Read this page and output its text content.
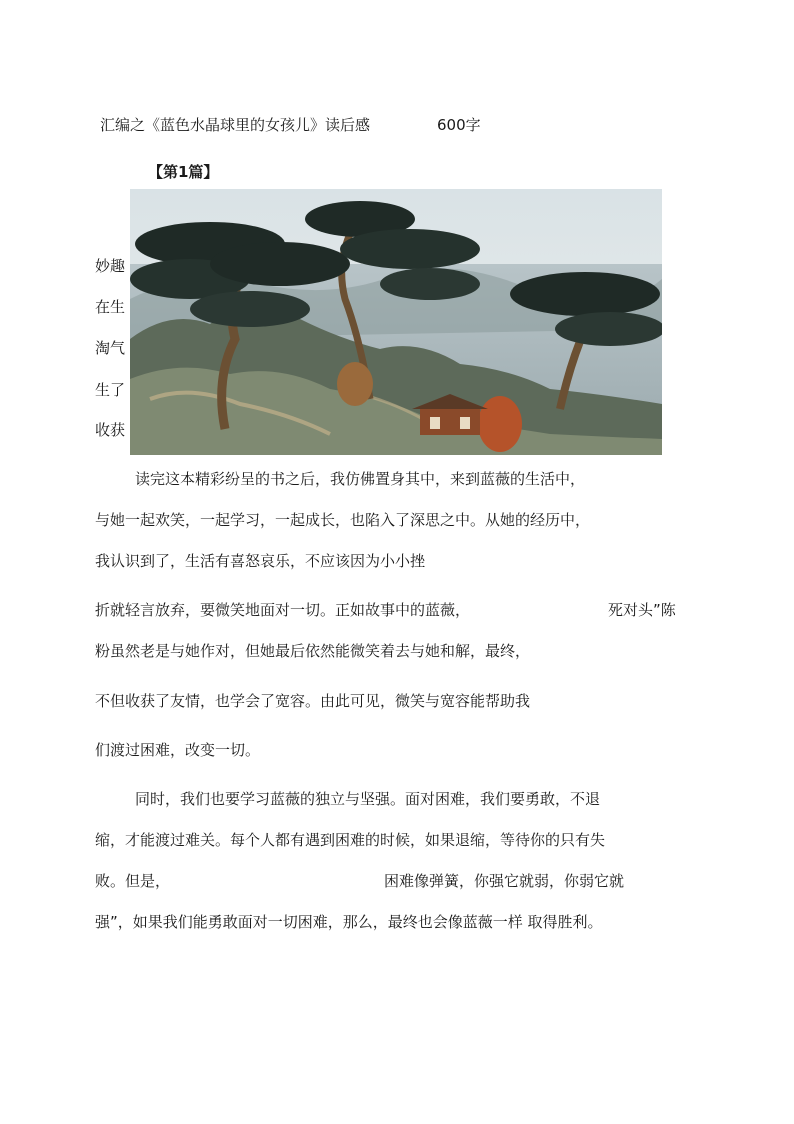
汇编之《蓝色水晶球里的女孩儿》读后感	600字
【第1篇】
妙趣
在生
淘气
生了
收获
读完这本精彩纷呈的书之后，我仿佛置身其中，来到蓝薇的生活中，
与她一起欢笑，一起学习，一起成长，也陷入了深思之中。从她的经历中，
我认识到了，生活有喜怒哀乐，不应该因为小小挫
折就轻言放弃，要微笑地面对一切。正如故事中的蓝薇，	死对头”陈
粉虽然老是与她作对，但她最后依然能微笑着去与她和解，最终，
不但收获了友情，也学会了宽容。由此可见，微笑与宽容能帮助我
们渡过困难，改变一切。
同时，我们也要学习蓝薇的独立与坚强。面对困难，我们要勇敢，不退
缩，才能渡过难关。每个人都有遇到困难的时候，如果退缩，等待你的只有失
败。但是，	困难像弹簧，你强它就弱，你弱它就
强”，如果我们能勇敢面对一切困难，那么，最终也会像蓝薇一样 取得胜利。
